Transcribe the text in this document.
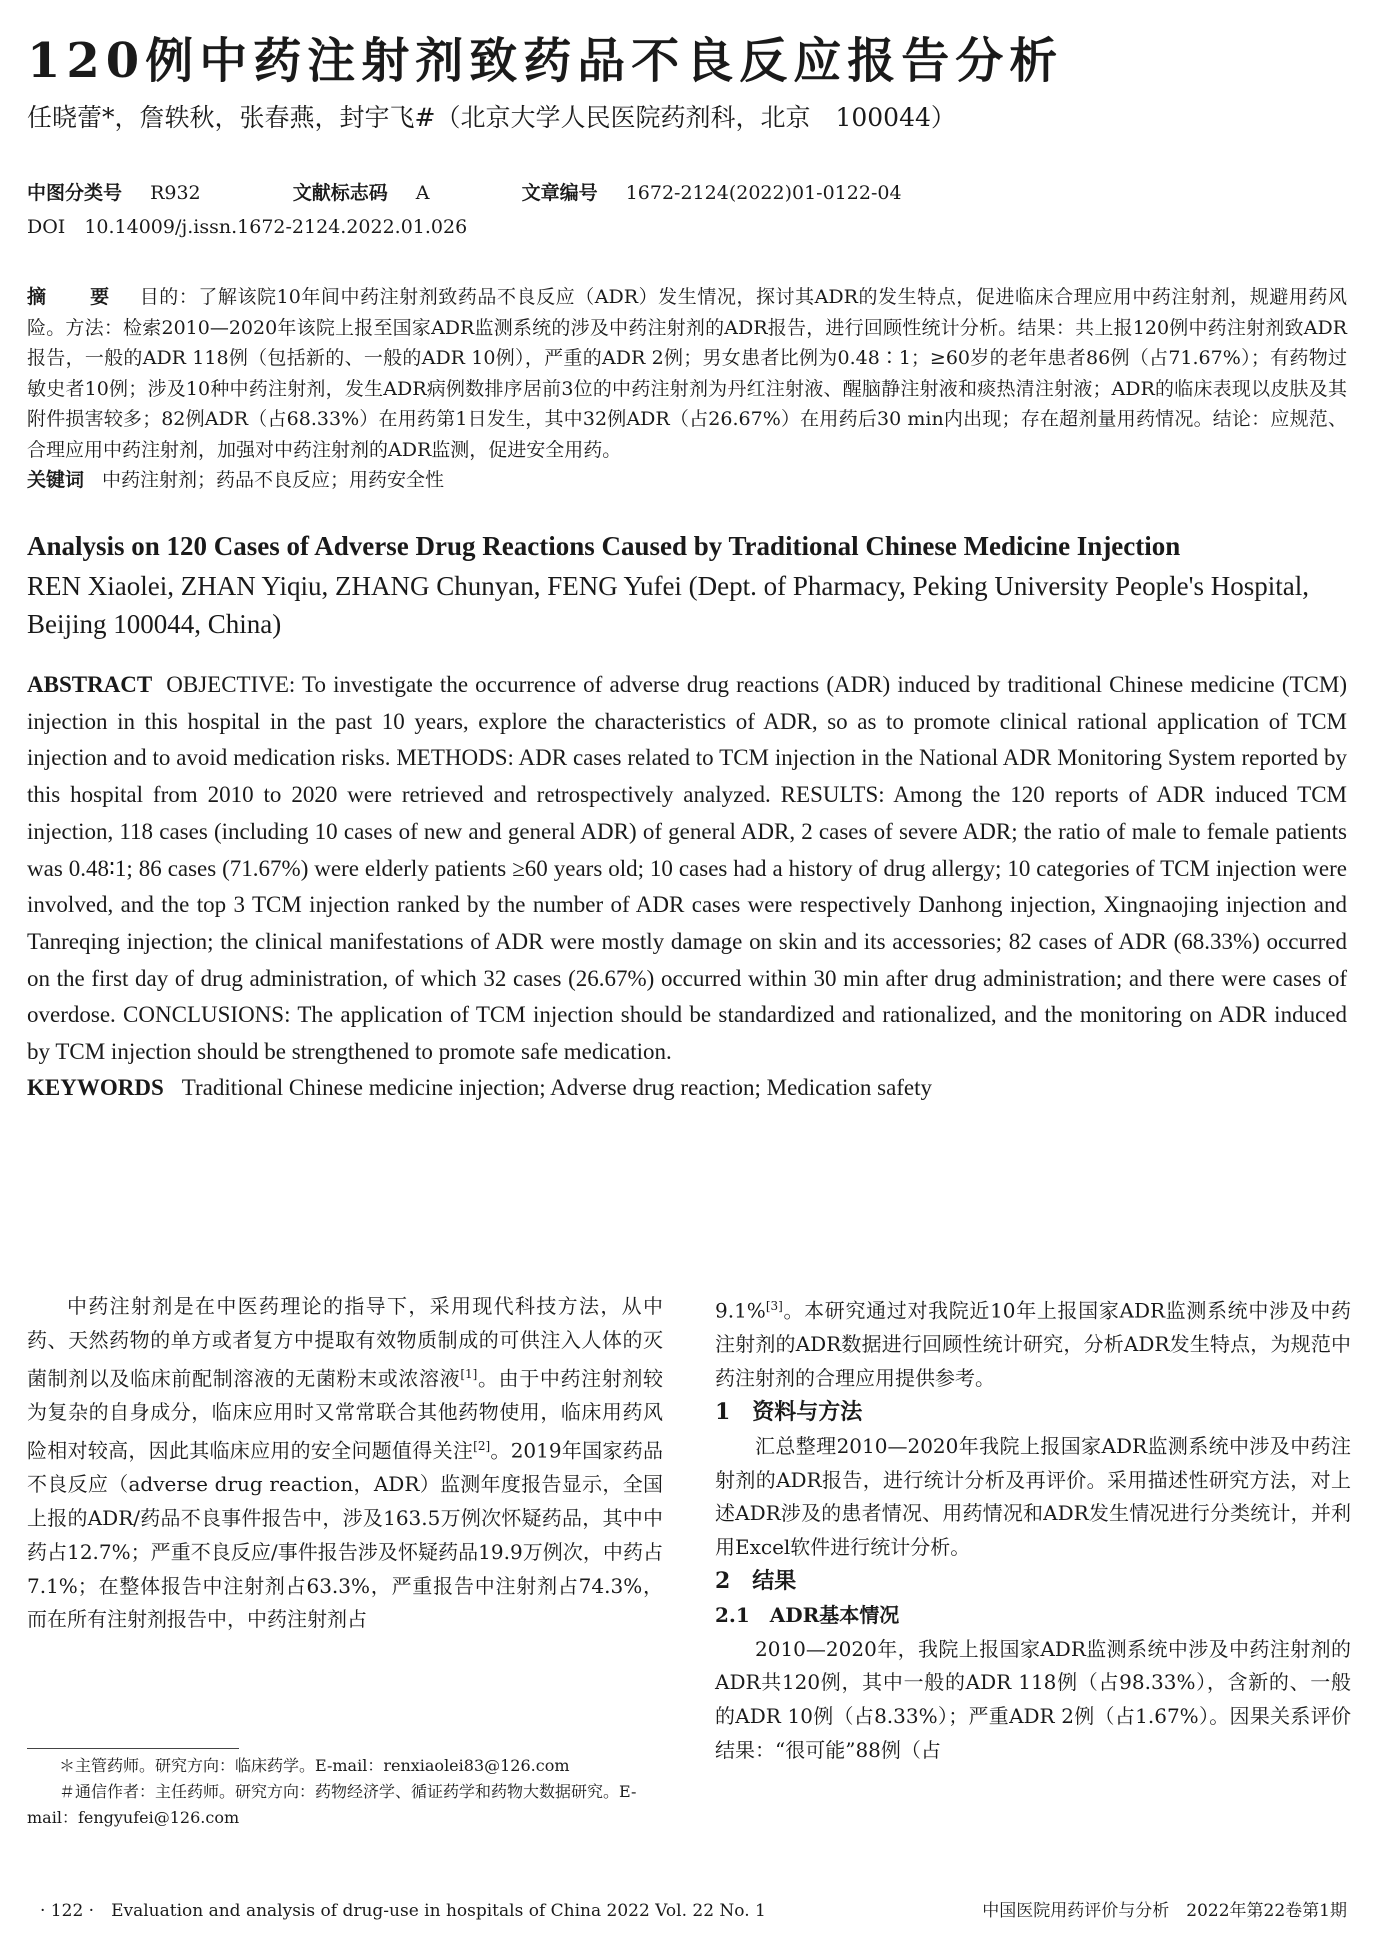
120例中药注射剂致药品不良反应报告分析
任晓蕾*，詹轶秋，张春燕，封宇飞#（北京大学人民医院药剂科，北京　100044）
中图分类号 R932	文献标志码 A	文章编号 1672-2124(2022)01-0122-04
DOI　10.14009/j.issn.1672-2124.2022.01.026
摘　要 目的：了解该院10年间中药注射剂致药品不良反应（ADR）发生情况，探讨其ADR的发生特点，促进临床合理应用中药注射剂，规避用药风险。方法：检索2010—2020年该院上报至国家ADR监测系统的涉及中药注射剂的ADR报告，进行回顾性统计分析。结果：共上报120例中药注射剂致ADR报告，一般的ADR 118例（包括新的、一般的ADR 10例），严重的ADR 2例；男女患者比例为0.48∶1；≥60岁的老年患者86例（占71.67%）；有药物过敏史者10例；涉及10种中药注射剂，发生ADR病例数排序居前3位的中药注射剂为丹红注射液、醒脑静注射液和痰热清注射液；ADR的临床表现以皮肤及其附件损害较多；82例ADR（占68.33%）在用药第1日发生，其中32例ADR（占26.67%）在用药后30 min内出现；存在超剂量用药情况。结论：应规范、合理应用中药注射剂，加强对中药注射剂的ADR监测，促进安全用药。
关键词 中药注射剂；药品不良反应；用药安全性
Analysis on 120 Cases of Adverse Drug Reactions Caused by Traditional Chinese Medicine Injection
REN Xiaolei, ZHAN Yiqiu, ZHANG Chunyan, FENG Yufei (Dept. of Pharmacy, Peking University People's Hospital, Beijing 100044, China)
ABSTRACT OBJECTIVE: To investigate the occurrence of adverse drug reactions (ADR) induced by traditional Chinese medicine (TCM) injection in this hospital in the past 10 years, explore the characteristics of ADR, so as to promote clinical rational application of TCM injection and to avoid medication risks. METHODS: ADR cases related to TCM injection in the National ADR Monitoring System reported by this hospital from 2010 to 2020 were retrieved and retrospectively analyzed. RESULTS: Among the 120 reports of ADR induced TCM injection, 118 cases (including 10 cases of new and general ADR) of general ADR, 2 cases of severe ADR; the ratio of male to female patients was 0.48∶1; 86 cases (71.67%) were elderly patients ≥60 years old; 10 cases had a history of drug allergy; 10 categories of TCM injection were involved, and the top 3 TCM injection ranked by the number of ADR cases were respectively Danhong injection, Xingnaojing injection and Tanreqing injection; the clinical manifestations of ADR were mostly damage on skin and its accessories; 82 cases of ADR (68.33%) occurred on the first day of drug administration, of which 32 cases (26.67%) occurred within 30 min after drug administration; and there were cases of overdose. CONCLUSIONS: The application of TCM injection should be standardized and rationalized, and the monitoring on ADR induced by TCM injection should be strengthened to promote safe medication.
KEYWORDS Traditional Chinese medicine injection; Adverse drug reaction; Medication safety

中药注射剂是在中医药理论的指导下，采用现代科技方法，从中药、天然药物的单方或者复方中提取有效物质制成的可供注入人体的灭菌制剂以及临床前配制溶液的无菌粉末或浓溶液[1]。由于中药注射剂较为复杂的自身成分，临床应用时又常常联合其他药物使用，临床用药风险相对较高，因此其临床应用的安全问题值得关注[2]。2019年国家药品不良反应（adverse drug reaction，ADR）监测年度报告显示，全国上报的ADR/药品不良事件报告中，涉及163.5万例次怀疑药品，其中中药占12.7%；严重不良反应/事件报告涉及怀疑药品19.9万例次，中药占7.1%；在整体报告中注射剂占63.3%，严重报告中注射剂占74.3%，而在所有注射剂报告中，中药注射剂占

9.1%[3]。本研究通过对我院近10年上报国家ADR监测系统中涉及中药注射剂的ADR数据进行回顾性统计研究，分析ADR发生特点，为规范中药注射剂的合理应用提供参考。

1　资料与方法

汇总整理2010—2020年我院上报国家ADR监测系统中涉及中药注射剂的ADR报告，进行统计分析及再评价。采用描述性研究方法，对上述ADR涉及的患者情况、用药情况和ADR发生情况进行分类统计，并利用Excel软件进行统计分析。

2　结果
2.1　ADR基本情况

2010—2020年，我院上报国家ADR监测系统中涉及中药注射剂的ADR共120例，其中一般的ADR 118例（占98.33%），含新的、一般的ADR 10例（占8.33%）；严重ADR 2例（占1.67%）。因果关系评价结果：“很可能”88例（占

＊主管药师。研究方向：临床药学。E-mail：renxiaolei83@126.com

＃通信作者：主任药师。研究方向：药物经济学、循证药学和药物大数据研究。E-mail：fengyufei@126.com

· 122 ·　Evaluation and analysis of drug-use in hospitals of China 2022 Vol. 22 No. 1	中国医院用药评价与分析　2022年第22卷第1期
